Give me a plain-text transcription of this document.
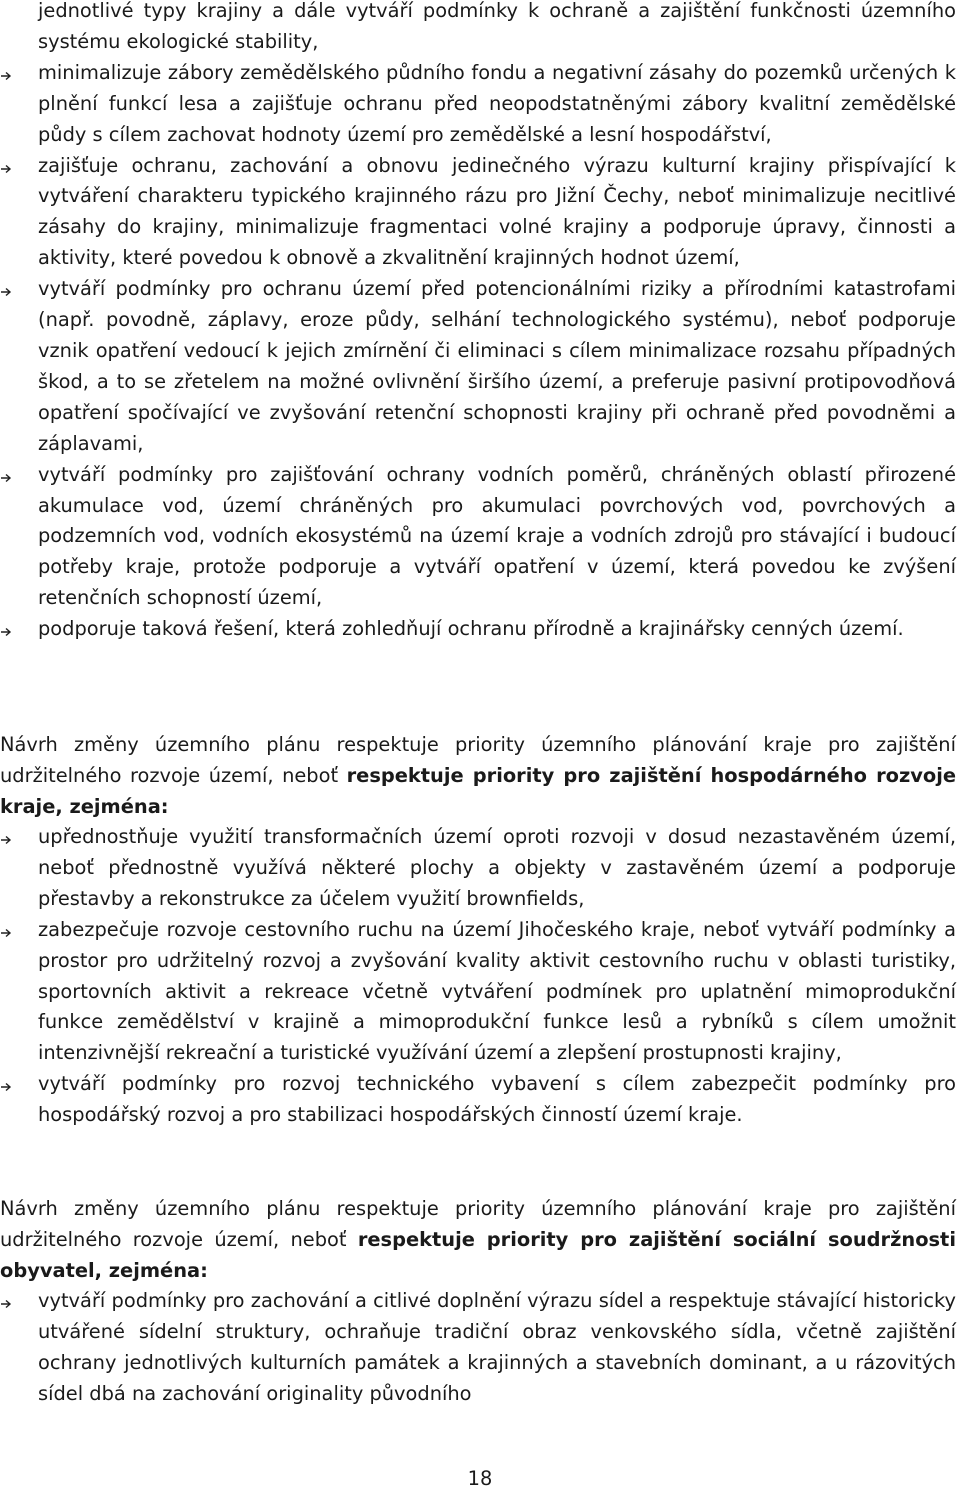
jednotlivé typy krajiny a dále vytváří podmínky k ochraně a zajištění funkčnosti územního systému ekologické stability,
minimalizuje zábory zemědělského půdního fondu a negativní zásahy do pozemků určených k plnění funkcí lesa a zajišťuje ochranu před neopodstatněnými zábory kvalitní zemědělské půdy s cílem zachovat hodnoty území pro zemědělské a lesní hospodářství,
zajišťuje ochranu, zachování a obnovu jedinečného výrazu kulturní krajiny přispívající k vytváření charakteru typického krajinného rázu pro Jižní Čechy, neboť minimalizuje necitlivé zásahy do krajiny, minimalizuje fragmentaci volné krajiny a podporuje úpravy, činnosti a aktivity, které povedou k obnově a zkvalitnění krajinných hodnot území,
vytváří podmínky pro ochranu území před potencionálními riziky a přírodními katastrofami (např. povodně, záplavy, eroze půdy, selhání technologického systému), neboť podporuje vznik opatření vedoucí k jejich zmírnění či eliminaci s cílem minimalizace rozsahu případných škod, a to se zřetelem na možné ovlivnění širšího území, a preferuje pasivní protipovodňová opatření spočívající ve zvyšování retenční schopnosti krajiny při ochraně před povodněmi a záplavami,
vytváří podmínky pro zajišťování ochrany vodních poměrů, chráněných oblastí přirozené akumulace vod, území chráněných pro akumulaci povrchových vod, povrchových a podzemních vod, vodních ekosystémů na území kraje a vodních zdrojů pro stávající i budoucí potřeby kraje, protože podporuje a vytváří opatření v území, která povedou ke zvýšení retenčních schopností území,
podporuje taková řešení, která zohledňují ochranu přírodně a krajinářsky cenných území.

Návrh změny územního plánu respektuje priority územního plánování kraje pro zajištění udržitelného rozvoje území, neboť respektuje priority pro zajištění hospodárného rozvoje kraje, zejména:

upřednostňuje využití transformačních území oproti rozvoji v dosud nezastavěném území, neboť přednostně využívá některé plochy a objekty v zastavěném území a podporuje přestavby a rekonstrukce za účelem využití brownfields,
zabezpečuje rozvoje cestovního ruchu na území Jihočeského kraje, neboť vytváří podmínky a prostor pro udržitelný rozvoj a zvyšování kvality aktivit cestovního ruchu v oblasti turistiky, sportovních aktivit a rekreace včetně vytváření podmínek pro uplatnění mimoprodukční funkce zemědělství v krajině a mimoprodukční funkce lesů a rybníků s cílem umožnit intenzivnější rekreační a turistické využívání území a zlepšení prostupnosti krajiny,
vytváří podmínky pro rozvoj technického vybavení s cílem zabezpečit podmínky pro hospodářský rozvoj a pro stabilizaci hospodářských činností území kraje.

Návrh změny územního plánu respektuje priority územního plánování kraje pro zajištění udržitelného rozvoje území, neboť respektuje priority pro zajištění sociální soudržnosti obyvatel, zejména:

vytváří podmínky pro zachování a citlivé doplnění výrazu sídel a respektuje stávající historicky utvářené sídelní struktury, ochraňuje tradiční obraz venkovského sídla, včetně zajištění ochrany jednotlivých kulturních památek a krajinných a stavebních dominant, a u rázovitých sídel dbá na zachování originality původního
18
